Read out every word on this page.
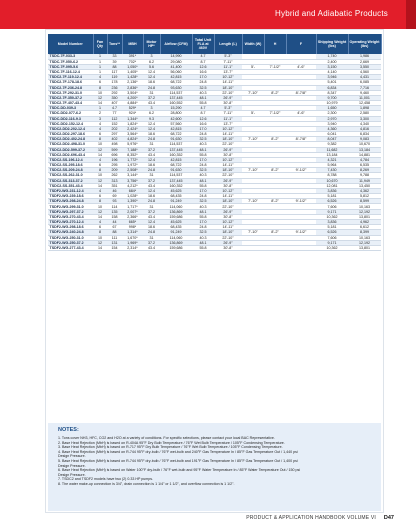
Hybrid and Adiabatic Products
Model Number	Fan Qty	Tons**	MBH	Motor HP*	Airflow (CFM)	Total Unit FLA at 460V	Length (L)	Width (W)	H	F	Shipping Weight (lbs)	Operating Weight (lbs)
TSDC-7F-033-3	1	33	391*	3	14,990	4.7	5'-3"				1,740	1,986
TSDC-7F-050-6.2	1	39	702*	6.2	29,080	8.7	7'-11"				2,400	2,669
TSDC-7F-095-5.6	1	88	1,050*	5.6	41,400	12.6	11'-1"	5'-	7'-1/2"	4'-6"	3,150	3,550
TSDC-7F-116-12.4	1	117	1,405*	12.4	56,060	16.6	13'-7"				4,140	4,560
TSDC2-7F-119-12.4	4	119	1,428*	12.4	42,815	17.0	10'-12"				3,946	4,431
TSDC2-7F-178-18.6	6	178	2,136*	18.6	68,722	24.8	14'-11"				5,401	6,085
TSDC2-7F-236-24.8	8	236	2,836*	24.8	93,630	32.5	18'-10"				6,834	7,716
TSDC2-7F-292-31.0	10	292	3,504*	31	114,537	40.3	22'-10"	7'-10"	8'-2"	8'-7/8"	8,347	9,460
TSDC2-7F-350-37.2	12	350	4,200*	37.2	137,445	48.1	26'-9"				9,700	11,001
TSDC2-7F-407-43.4	14	407	4,884*	43.4	160,552	55.8	30'-8"				10,979	12,458
TSDC-DD-039-3	1	4.7	529*	3	15,290	4.7	5'-3"				1,650	1,898
TSDC-DD2-077-6.2	2	77	924*	6.2	28,800	8.7	7'-11"	5'-	7'-1/2"	4'-6"	2,300	2,580
TSDC-DD2-116-9.3	3	112	1,344*	9.3	42,600	12.6	11'-1"				2,970	3,300
TSDC-DD2-152-12.4	4	152	1,824*	12.4	57,560	16.6	13'-7"				3,940	4,340
TSDC2-DD2-202-12.4	4	202	2,424*	12.4	42,815	17.0	10'-12"				4,360	4,816
TSDC2-DD2-297-18.6	6	297	3,564*	18.6	68,722	24.8	14'-11"				6,041	6,834
TSDC2-DD2-402-24.8	8	402	4,824*	24.8	91,630	32.5	18'-10"	7'-10"	8'-2"	8'-7/8"	8,047	9,083
TSDC2-DD2-498-31.0	10	498	5,976*	31	114,537	40.3	22'-10"				9,382	10,670
TSDC2-DD2-599-37.2	12	599	7,188*	37.2	137,445	48.1	26'-9"				11,682	13,184
TSDC2-DD2-696-43.4	14	696	8,352*	43.4	160,352	55.8	30'-8"				13,184	14,881
TSDC2-SS-196-12.4	4	196	1,772*	12.4	42,815	17.0	10'-12"				4,321	4,784
TSDC2-SS-295-18.6	6	295	1,972*	18.6	68,722	24.8	14'-11"				5,964	6,535
TSDC2-SS-209-24.8	8	209	2,508*	24.8	91,630	32.5	18'-10"	7'-10"	8'-2"	9'-1/2"	7,430	8,269
TSDC2-SS-262-31.0	10	262	3,144*	31	114,537	40.3	22'-10"				8,788	9,788
TSDC2-SS-313-37.2	12	313	3,756*	37.2	137,445	48.1	26'-9"				10,670	11,949
TSDC2-SS-351-43.4	14	351	4,212*	43.4	160,352	55.8	30'-8"				12,081	13,450
TSDF2-WG-231-12.4	4	46	684*	12.4	45,625	17.0	10'-12"				3,836	4,362
TSDF2-WG-239-18.6	6	69	1,028*	18.6	68,435	24.8	14'-11"				5,181	5,812
TSDF2-WG-298-24.8	8	93	1,390*	24.8	91,249	32.5	18'-10"	7'-10"	8'-2"	9'-1/2"	6,526	8,599
TSDF2-WG-299-31.0	10	114	1,717*	31	114,060	40.3	22'-10"				7,606	10,163
TSDF2-WG-297-37.2	12	135	2,007*	37.2	136,869	48.1	26'-9"				9,171	12,192
TSDF2-WG-270-43.4	14	158	2,366*	43.4	159,686	55.8	30'-8"				10,362	13,801
TSDF2-WG-270-12.4	4	44	665*	12.4	45,625	17.0	10'-12"				3,836	4,962
TSDF2-WG-298-18.6	6	67	998*	18.6	68,435	24.8	14'-11"				5,181	6,612
TSDF2-WG-240-24.8	8	88	1,314*	24.8	91,249	32.5	18'-10"	7'-10"	8'-2"	9'-1/2"	6,526	8,399
TSDF2-WG-250-31.0	10	111	1,670*	31	114,060	40.3	22'-10"				7,606	10,163
TSDF2-WG-250-37.2	12	131	1,969*	37.2	136,869	48.1	26'-9"				9,171	12,192
TSDF2-WG-277-43.4	14	154	2,314*	43.4	159,686	55.8	30'-8"				10,362	13,801
NOTES:
1. Tons cover NH3, HFC, CO2 and H2O at a variety of conditions. For specific selections, please contact your local BAC Representative.
2. Base Heat Rejection (MbH) is based on R-404A 95°F Dry Bulb Temperature / 76°F Wet Bulb Temperature / 105°F Condensing Temperature.
3. Base Heat Rejection (MbH) is based on R-717 95°F Dry Bulb Temperature / 76°F Wet Bulb Temperature / 105°F Condensing Temperature.
4. Base Heat Rejection (MbH) is based on R-744 95°F dry-bulb / 76°F wet-bulb and 240°F Gas Temperature In / 85°F Gas Temperature Out / 1,440 psi
Design Pressure.
5. Base Heat Rejection (MbH) is based on R-744 95°F dry-bulb / 76°F wet-bulb and 191°F Gas Temperature In / 85°F Gas Temperature Out / 1,400 psi
Design Pressure.
6. Base Heat Rejection (MbH) is based on Water 100°F dry-bulb / 76°F wet-bulb and 95°F Water Temperature In / 85°F Water Temperature Out / 150 psi
Design Pressure.
7. TSDC2 and TSDF2 models have two (2) 0.33 HP pumps.
8. The water make-up connection is 3/4", drain connection is 1 1/4" or 1 1/2", and overflow connection is 1 1/2".
PRODUCT & APPLICATION HANDBOOK VOLUME VI D47
